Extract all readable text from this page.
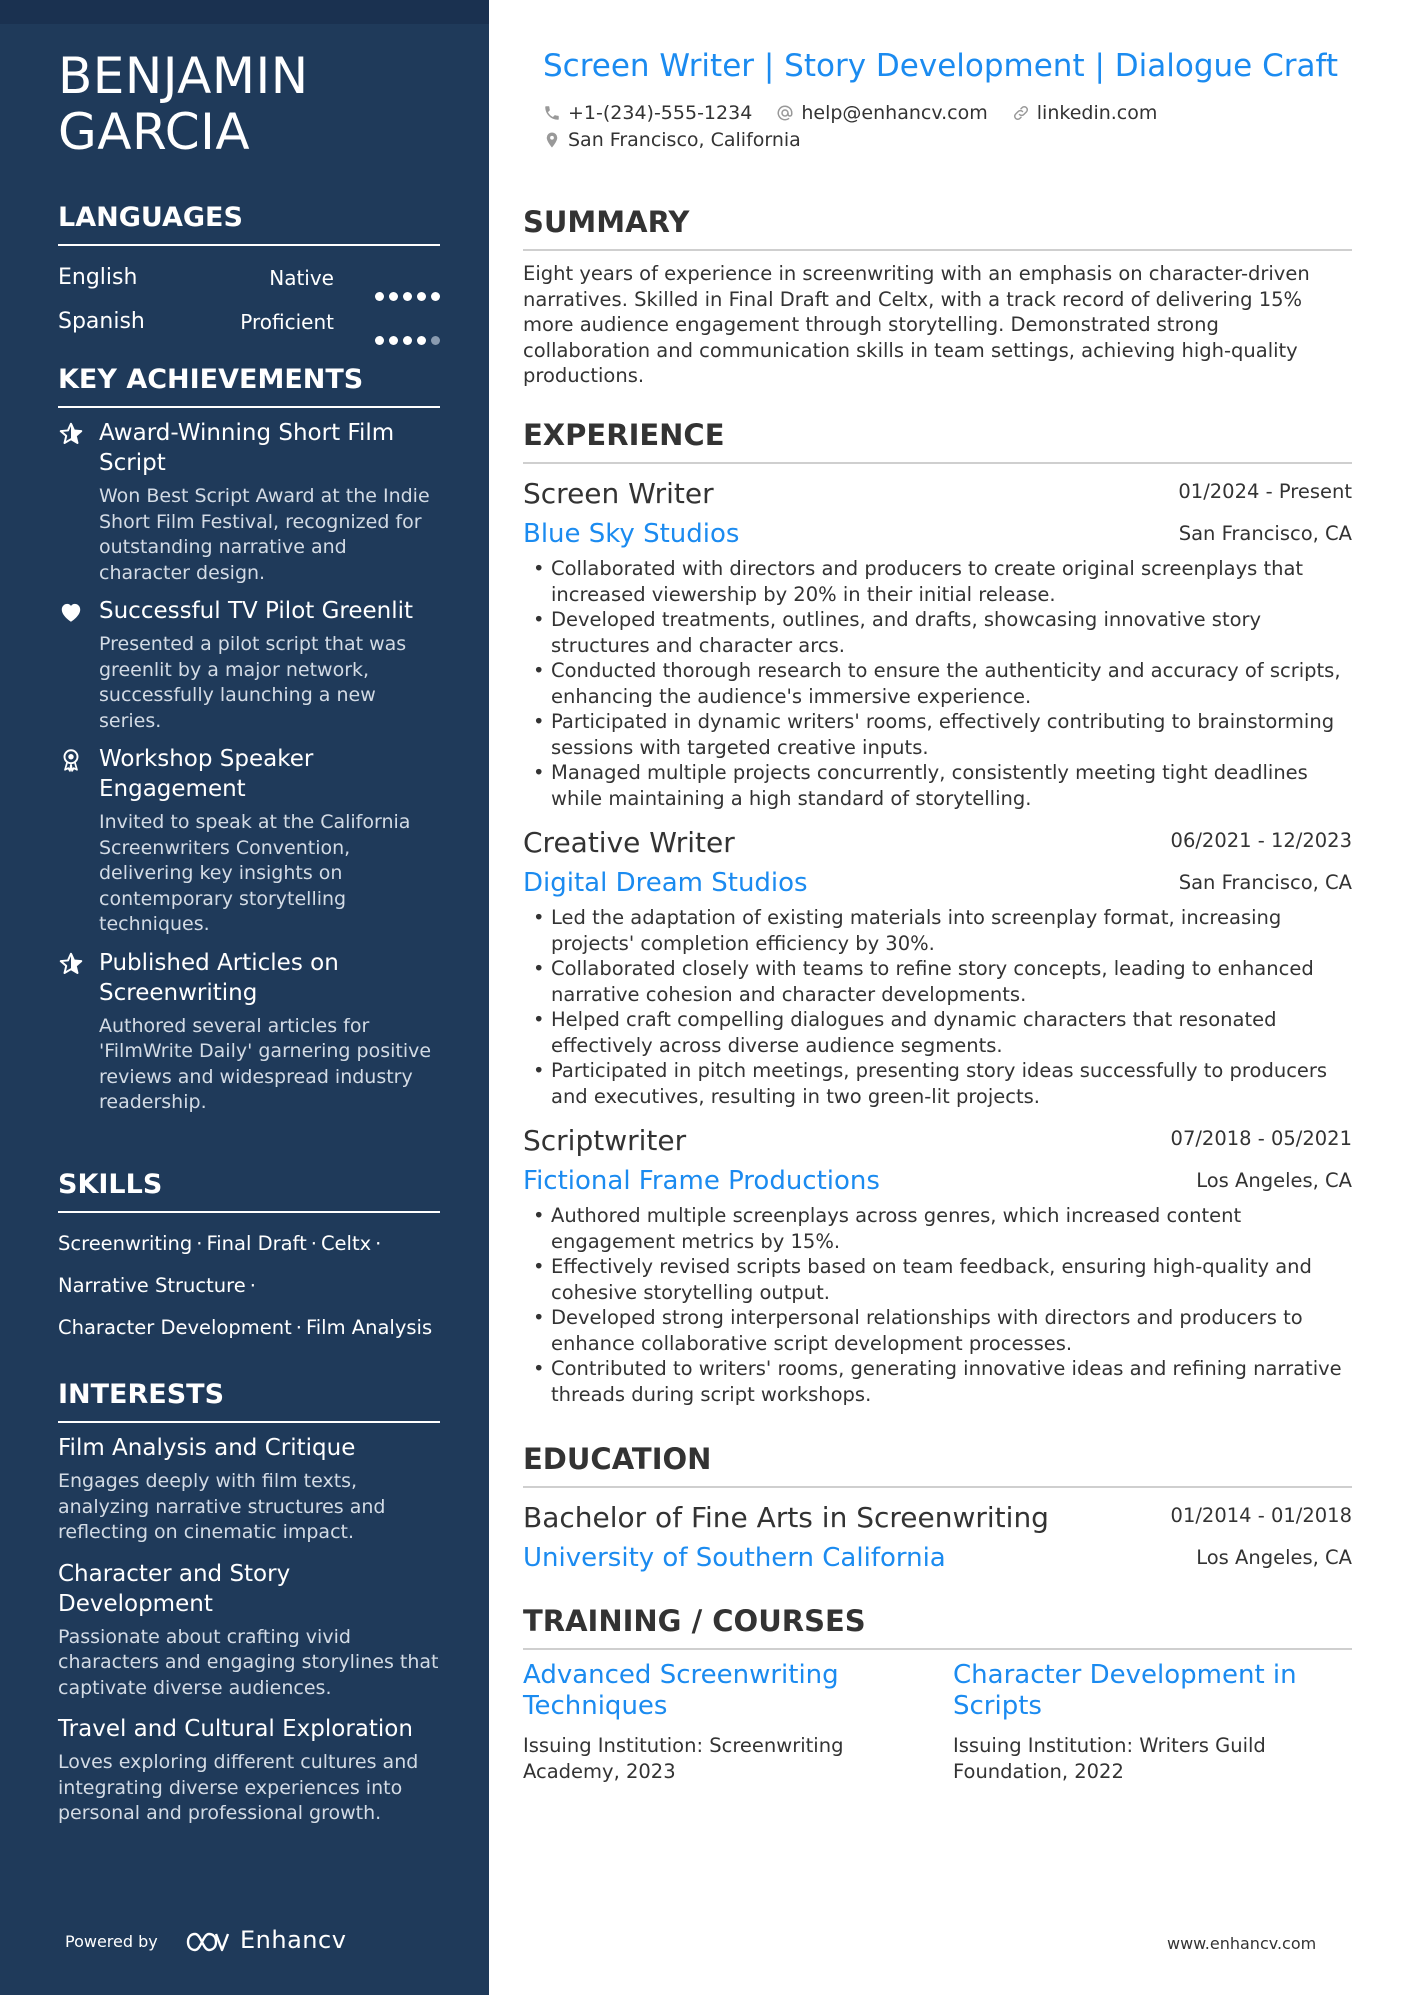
BENJAMIN GARCIA
LANGUAGES
English	Native
Spanish	Proficient
KEY ACHIEVEMENTS
Award-Winning Short Film Script
Won Best Script Award at the Indie Short Film Festival, recognized for outstanding narrative and character design.
Successful TV Pilot Greenlit
Presented a pilot script that was greenlit by a major network, successfully launching a new series.
Workshop Speaker Engagement
Invited to speak at the California Screenwriters Convention, delivering key insights on contemporary storytelling techniques.
Published Articles on Screenwriting
Authored several articles for 'FilmWrite Daily' garnering positive reviews and widespread industry readership.
SKILLS
Screenwriting · Final Draft · Celtx ·
Narrative Structure ·
Character Development · Film Analysis
INTERESTS
Film Analysis and Critique
Engages deeply with film texts, analyzing narrative structures and reflecting on cinematic impact.
Character and Story Development
Passionate about crafting vivid characters and engaging storylines that captivate diverse audiences.
Travel and Cultural Exploration
Loves exploring different cultures and integrating diverse experiences into personal and professional growth.
Powered by	Enhancv
Screen Writer | Story Development | Dialogue Craft
+1-(234)-555-1234
	help@enhancv.com
	linkedin.com
San Francisco, California
SUMMARY

Eight years of experience in screenwriting with an emphasis on character-driven narratives. Skilled in Final Draft and Celtx, with a track record of delivering 15% more audience engagement through storytelling. Demonstrated strong collaboration and communication skills in team settings, achieving high-quality productions.

EXPERIENCE
Screen Writer	01/2024 - Present
Blue Sky Studios	San Francisco, CA
• Collaborated with directors and producers to create original screenplays that increased viewership by 20% in their initial release.
• Developed treatments, outlines, and drafts, showcasing innovative story structures and character arcs.
• Conducted thorough research to ensure the authenticity and accuracy of scripts, enhancing the audience's immersive experience.
• Participated in dynamic writers' rooms, effectively contributing to brainstorming sessions with targeted creative inputs.
• Managed multiple projects concurrently, consistently meeting tight deadlines while maintaining a high standard of storytelling.
Creative Writer	06/2021 - 12/2023
Digital Dream Studios	San Francisco, CA
• Led the adaptation of existing materials into screenplay format, increasing projects' completion efficiency by 30%.
• Collaborated closely with teams to refine story concepts, leading to enhanced narrative cohesion and character developments.
• Helped craft compelling dialogues and dynamic characters that resonated effectively across diverse audience segments.
• Participated in pitch meetings, presenting story ideas successfully to producers and executives, resulting in two green-lit projects.
Scriptwriter	07/2018 - 05/2021
Fictional Frame Productions	Los Angeles, CA
• Authored multiple screenplays across genres, which increased content engagement metrics by 15%.
• Effectively revised scripts based on team feedback, ensuring high-quality and cohesive storytelling output.
• Developed strong interpersonal relationships with directors and producers to enhance collaborative script development processes.
• Contributed to writers' rooms, generating innovative ideas and refining narrative threads during script workshops.
EDUCATION
Bachelor of Fine Arts in Screenwriting	01/2014 - 01/2018
University of Southern California	Los Angeles, CA
TRAINING / COURSES
Advanced Screenwriting Techniques
Issuing Institution: Screenwriting Academy, 2023
Character Development in Scripts
Issuing Institution: Writers Guild Foundation, 2022
www.enhancv.com
